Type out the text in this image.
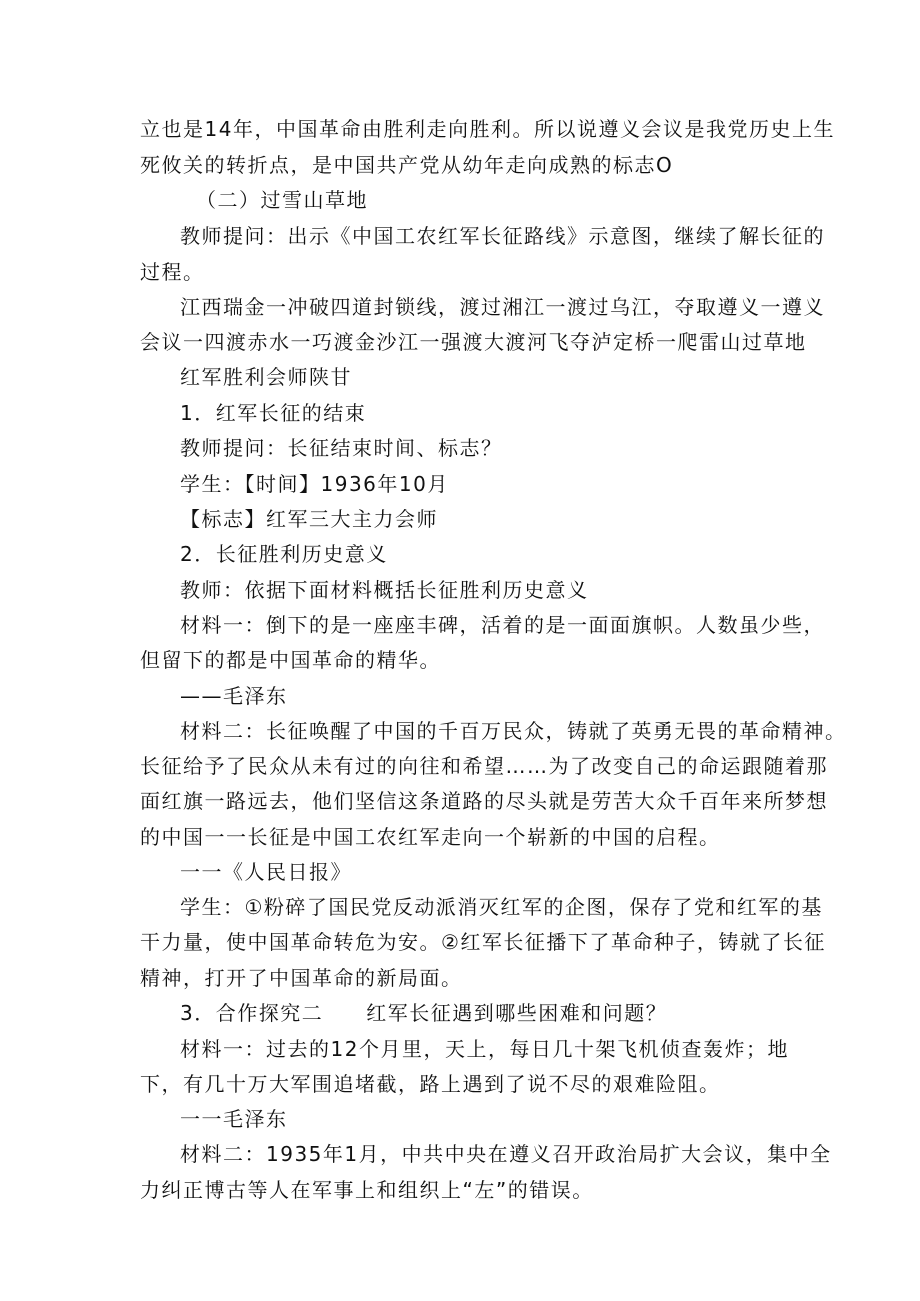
立也是14年，中国革命由胜利走向胜利。所以说遵义会议是我党历史上生
死攸关的转折点，是中国共产党从幼年走向成熟的标志O
（二）过雪山草地
教师提问：出示《中国工农红军长征路线》示意图，继续了解长征的
过程。
江西瑞金一冲破四道封锁线，渡过湘江一渡过乌江，夺取遵义一遵义
会议一四渡赤水一巧渡金沙江一强渡大渡河飞夺泸定桥一爬雷山过草地
红军胜利会师陕甘
1．红军长征的结束
教师提问：长征结束时间、标志？
学生：【时间】1936年10月
【标志】红军三大主力会师
2．长征胜利历史意义
教师：依据下面材料概括长征胜利历史意义
材料一：倒下的是一座座丰碑，活着的是一面面旗帜。人数虽少些，
但留下的都是中国革命的精华。
——毛泽东
材料二：长征唤醒了中国的千百万民众，铸就了英勇无畏的革命精神。
长征给予了民众从未有过的向往和希望……为了改变自己的命运跟随着那
面红旗一路远去，他们坚信这条道路的尽头就是劳苦大众千百年来所梦想
的中国一一长征是中国工农红军走向一个崭新的中国的启程。
一一《人民日报》
学生：①粉碎了国民党反动派消灭红军的企图，保存了党和红军的基
干力量，使中国革命转危为安。②红军长征播下了革命种子，铸就了长征
精神，打开了中国革命的新局面。
3．合作探究二　　红军长征遇到哪些困难和问题？
材料一：过去的12个月里，天上，每日几十架飞机侦查轰炸；地
下，有几十万大军围追堵截，路上遇到了说不尽的艰难险阻。
一一毛泽东
材料二：1935年1月，中共中央在遵义召开政治局扩大会议，集中全
力纠正博古等人在军事上和组织上“左”的错误。
